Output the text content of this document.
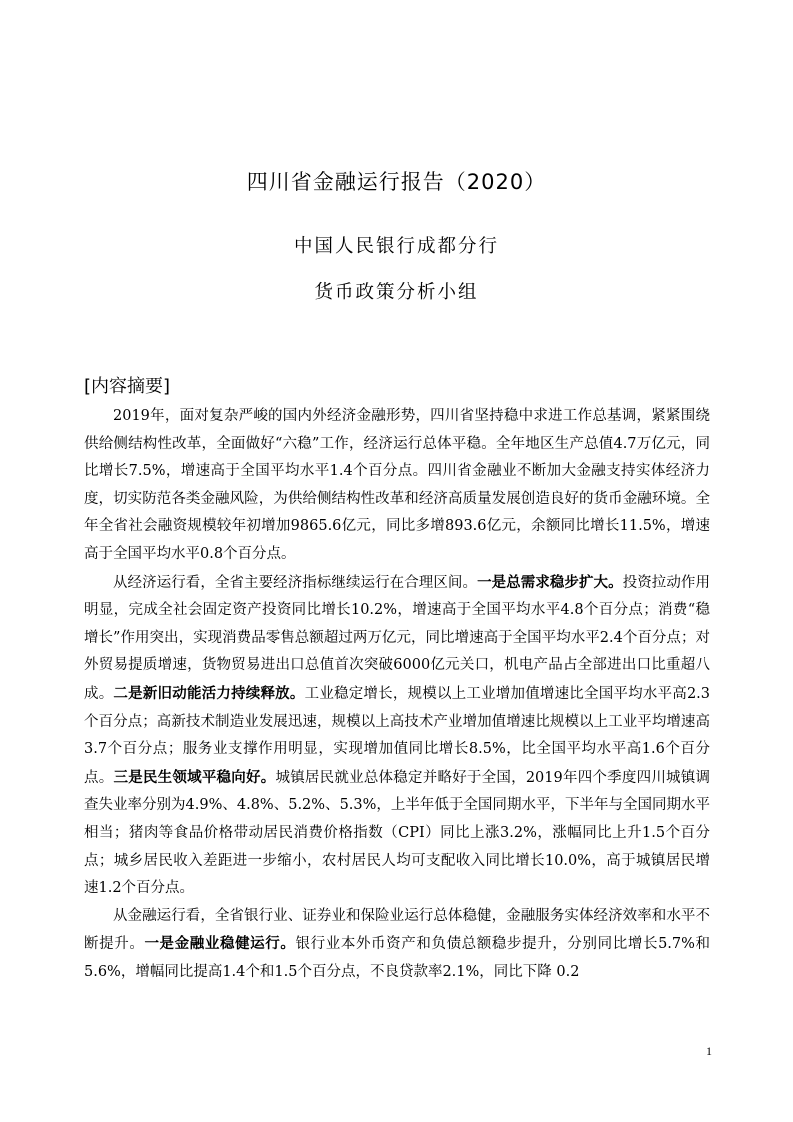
四川省金融运行报告（2020）
中国人民银行成都分行
货币政策分析小组
[内容摘要]

2019年，面对复杂严峻的国内外经济金融形势，四川省坚持稳中求进工作总基调，紧紧围绕供给侧结构性改革，全面做好“六稳”工作，经济运行总体平稳。全年地区生产总值4.7万亿元，同比增长7.5%，增速高于全国平均水平1.4个百分点。四川省金融业不断加大金融支持实体经济力度，切实防范各类金融风险，为供给侧结构性改革和经济高质量发展创造良好的货币金融环境。全年全省社会融资规模较年初增加9865.6亿元，同比多增893.6亿元，余额同比增长11.5%，增速高于全国平均水平0.8个百分点。

从经济运行看，全省主要经济指标继续运行在合理区间。一是总需求稳步扩大。投资拉动作用明显，完成全社会固定资产投资同比增长10.2%，增速高于全国平均水平4.8个百分点；消费“稳增长”作用突出，实现消费品零售总额超过两万亿元，同比增速高于全国平均水平2.4个百分点；对外贸易提质增速，货物贸易进出口总值首次突破6000亿元关口，机电产品占全部进出口比重超八成。二是新旧动能活力持续释放。工业稳定增长，规模以上工业增加值增速比全国平均水平高2.3个百分点；高新技术制造业发展迅速，规模以上高技术产业增加值增速比规模以上工业平均增速高3.7个百分点；服务业支撑作用明显，实现增加值同比增长8.5%，比全国平均水平高1.6个百分点。三是民生领域平稳向好。城镇居民就业总体稳定并略好于全国，2019年四个季度四川城镇调查失业率分别为4.9%、4.8%、5.2%、5.3%，上半年低于全国同期水平，下半年与全国同期水平相当；猪肉等食品价格带动居民消费价格指数（CPI）同比上涨3.2%，涨幅同比上升1.5个百分点；城乡居民收入差距进一步缩小，农村居民人均可支配收入同比增长10.0%，高于城镇居民增速1.2个百分点。

从金融运行看，全省银行业、证券业和保险业运行总体稳健，金融服务实体经济效率和水平不断提升。一是金融业稳健运行。银行业本外币资产和负债总额稳步提升，分别同比增长5.7%和5.6%，增幅同比提高1.4个和1.5个百分点，不良贷款率2.1%，同比下降 0.2

1
